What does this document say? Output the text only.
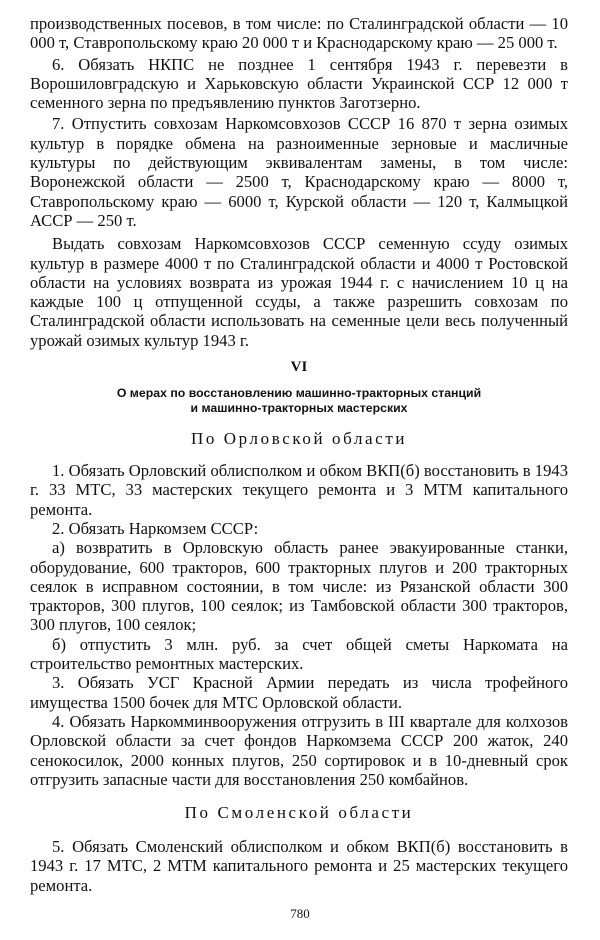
производственных посевов, в том числе: по Сталинградской области — 10 000 т, Ставропольскому краю 20 000 т и Краснодарскому краю — 25 000 т.

6. Обязать НКПС не позднее 1 сентября 1943 г. перевезти в Ворошиловградскую и Харьковскую области Украинской ССР 12 000 т семенного зерна по предъявлению пунктов Заготзерно.

7. Отпустить совхозам Наркомсовхозов СССР 16 870 т зерна озимых культур в порядке обмена на разноименные зерновые и масличные культуры по действующим эквивалентам замены, в том числе: Воронежской области — 2500 т, Краснодарскому краю — 8000 т, Ставропольскому краю — 6000 т, Курской области — 120 т, Калмыцкой АССР — 250 т.

Выдать совхозам Наркомсовхозов СССР семенную ссуду озимых культур в размере 4000 т по Сталинградской области и 4000 т Ростовской области на условиях возврата из урожая 1944 г. с начислением 10 ц на каждые 100 ц отпущенной ссуды, а также разрешить совхозам по Сталинградской области использовать на семенные цели весь полученный урожай озимых культур 1943 г.

VI
О мерах по восстановлению машинно-тракторных станций
и машинно-тракторных мастерских
По Орловской области

1. Обязать Орловский облисполком и обком ВКП(б) восстановить в 1943 г. 33 МТС, 33 мастерских текущего ремонта и 3 МТМ капитального ремонта.

2. Обязать Наркомзем СССР:

а) возвратить в Орловскую область ранее эвакуированные станки, оборудование, 600 тракторов, 600 тракторных плугов и 200 тракторных сеялок в исправном состоянии, в том числе: из Рязанской области 300 тракторов, 300 плугов, 100 сеялок; из Тамбовской области 300 тракторов, 300 плугов, 100 сеялок;

б) отпустить 3 млн. руб. за счет общей сметы Наркомата на строительство ремонтных мастерских.

3. Обязать УСГ Красной Армии передать из числа трофейного имущества 1500 бочек для МТС Орловской области.

4. Обязать Наркомминвооружения отгрузить в III квартале для колхозов Орловской области за счет фондов Наркомзема СССР 200 жаток, 240 сенокосилок, 2000 конных плугов, 250 сортировок и в 10-дневный срок отгрузить запасные части для восстановления 250 комбайнов.

По Смоленской области

5. Обязать Смоленский облисполком и обком ВКП(б) восстановить в 1943 г. 17 МТС, 2 МТМ капитального ремонта и 25 мастерских текущего ремонта.

780
